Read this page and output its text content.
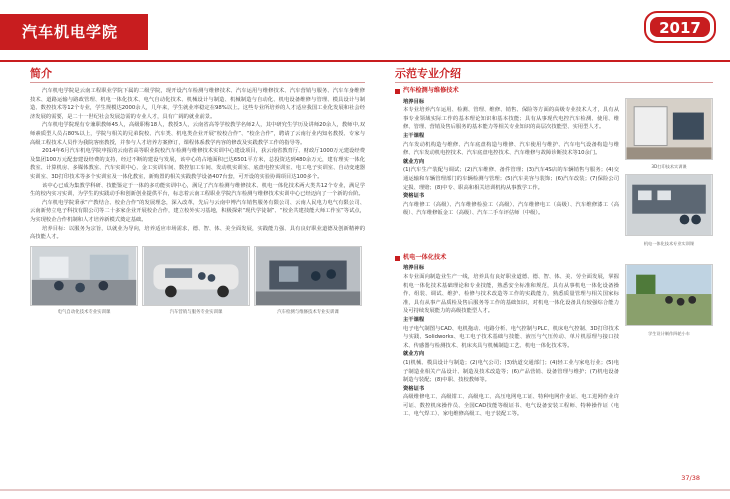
汽车机电学院	2017
简介

汽车机电学院是云南工程职业学院下属的二级学院，现开设汽车检测与维修技术、汽车运用与维修技术、汽车营销与服务、汽车车身维修技术、道路运输与路政管理、机电一体化技术、电气自动化技术、机械设计与制造、机械制造与自动化、机电设备维修与管理、模具设计与制造、数控技术等12个专业，学生规模达2000余人，几年来，学生就业率稳定在98%以上。这些专业所培养的人才适应我国工业化发展和社会经济发展的需要，是二十一世纪社会发展急需的专业人才，具有广阔的就业前景。

汽车机电学院现有专兼职教师45人，高级职称18人，教授3人，云南省高等学校教学名师2人，其中研究生学历及讲师20余人，教师中,双师素质型人员占80%以上，学院与相关的兄弟院校、汽车类、机电类企业开展“校校合作”、“校企合作”，聘请了云南行业内知名教授、专家与高级工程技术人员作为我院客座教授，并参与人才培养方案修订，课程体系教学内容的修改及实践教学工作的指导等。

2014年6月汽车机电学院申报的云南省高等职业院校汽车检测与维修技术实训中心建设项目，获云南省教育厅、财政厅1000万元建设经费及集团100万元配套建设经费的支持，经过不断的建设与发展，该中心的占地面积已达6501平方米，总投资达到480余万元，建有理实一体化教室、计算机房、多媒体教室、汽车实训中心、金工实训车间、数控加工车间、发动机实训室、底盘电控实训室、电工电子实训室、自动变速器实训室、3D打印技术等多个实训室及一体化教室，新购置的相关实践教学设备407台套，可开设的实验协调项目达100多个。

该中心已成为集教学科研、技能鉴定于一体的多功能实训中心，满足了汽车检测与维修技术、机电一体化技术两大类共12个专业，满足学生的校内实习实训，为学生的实践动手和创新创业提供平台，标志着云南工程职业学院汽车检测与维修技术实训中心已经迈向了一个新的台阶。

汽车机电学院秉承“产教结合、校企合作”的发展理念，深入改革，先后与云南中博汽车销售服务有限公司、云南人民电力电气有限公司、云南新势立电子科技有限公司等二十多家企业开展校企合作，建立校外实习基地，积极探索“现代学徒制”、“校企共建技能大师工作室”等试点，为实现校企合作机制和人才培养新模式奠定基础。

培养目标：以服务为宗旨，以就业为导向，培养适应市场需求，德、智、体、美全面发展，实践能力强、具有良好职业道德及创新精神的高技能人才。

电气自动化技术专业实训课	汽车营销与服务专业实训课	汽车检测与维修技术专业实训课
示范专业介绍
汽车检测与维修技术
培养目标
本专业培养汽车运用、检测、管理、维修、销售、保险等方面的高级专业技术人才，具有从事专业领域实际工作的基本理论知识和基本技能；具有从事现代电控汽车检测、使用、维修、管理、营销及售后服务的基本能力等相关专业知识的高层次技能型、实用型人才。
主干课程
汽车发动机构造与维修、汽车底盘构造与维修、汽车使用与维护、汽车电气设备构造与维修、汽车发动机电控技术、汽车底盘电控技术、汽车维修与故障诊断技术等10余门。
就业方向
(1)汽车生产装配与调试；(2)汽车维修、备件管理；(3)汽车4S店的车辆销售与服务；(4)交通运输和车辆管理部门的车辆检测与管理；(5)汽车美容与装饰；(6)汽车改装；(7)保险公司定损、理赔；(8)中专、职高和相关培训机构从事教学工作。
资格证书
汽车维修工（高级）、汽车维修检验工（高级）、汽车维修电工（高级）、汽车维修漆工（高级）、汽车维修钣金工（高级）、汽车二手车评估师（中级）。
3D打印技术实训课
机电一体化技术专业实训课
机电一体化技术
培养目标
本专业面向制造业生产一线，培养具有良好职业道德、德、智、体、美、劳全面发展，掌握机电一体化技术基础理论和专业技能，熟悉安全标准和规范，具有从事机电一体化设备操作、组装、调试、维护、检修与技术改造等工作的实践能力，熟悉质量管理与相关国家标准，具有从事产品质检及售后服务等工作的基础知识，对机电一体化设备具有较强综合能力及可持续发展能力的高级技能型人才。
主干课程
电子电气制图与CAD、电机拖动、电路分析、电气控制与PLC、机床电气控制、3D打印技术与实践、Solidworks、电工电子技术基础与技能、液压与气压传动、单片机原理与接口技术、传感器与检测技术、机床夹具与机械制造工艺、机电一体化技术等。
就业方向
(1)机械、模具设计与制造；(2)电气公司；(3)轨道交通部门；(4)轻工业与家电行业；(5)电子制造业相关产品设计、制造及技术改造等；(6)产品营销、设备管理与维护；(7)机电设备制造与装配；(8)中职、技校教师等。
资格证书
高级维修电工、高级钳工、高级电工、高压电网电工证、特种电网作业证、电工进网作业许可证、数控机床操作员、全国CAD技能等级证书、电气设备安装工程师、特种操作证（电工、电气焊工）、家电维修高级工、电子装配工等。
学生设计制作四轮小车
37/38
